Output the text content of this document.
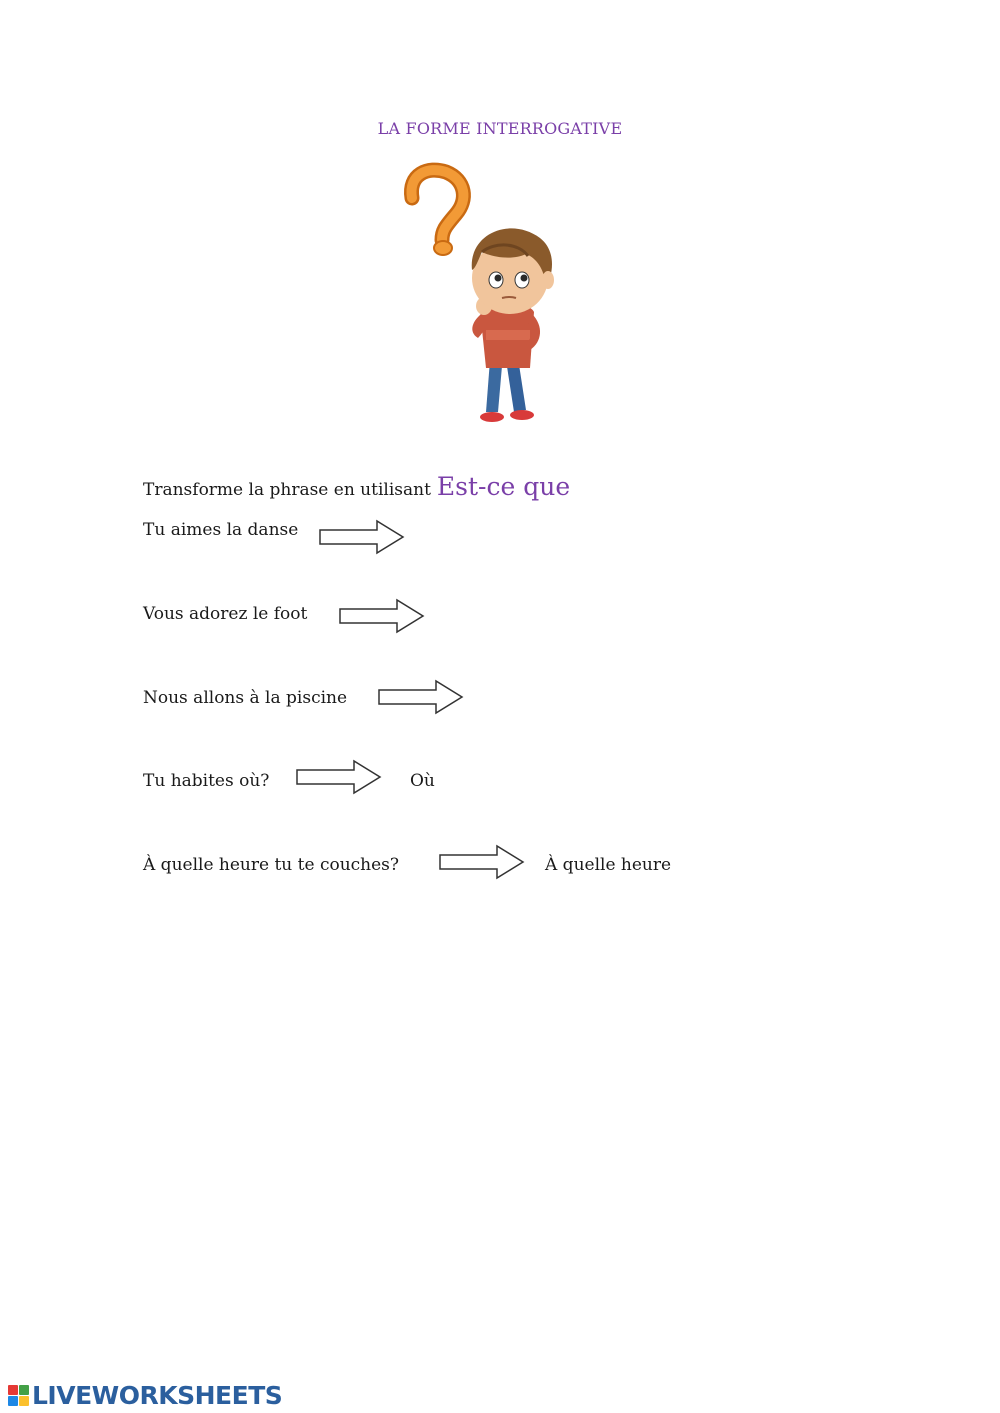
LA FORME INTERROGATIVE
Transforme la phrase en utilisant Est-ce que
Tu aimes la danse
Vous adorez le foot
Nous allons à la piscine
Tu habites où?	Où
À quelle heure tu te couches?	À quelle heure
LIVEWORKSHEETS
